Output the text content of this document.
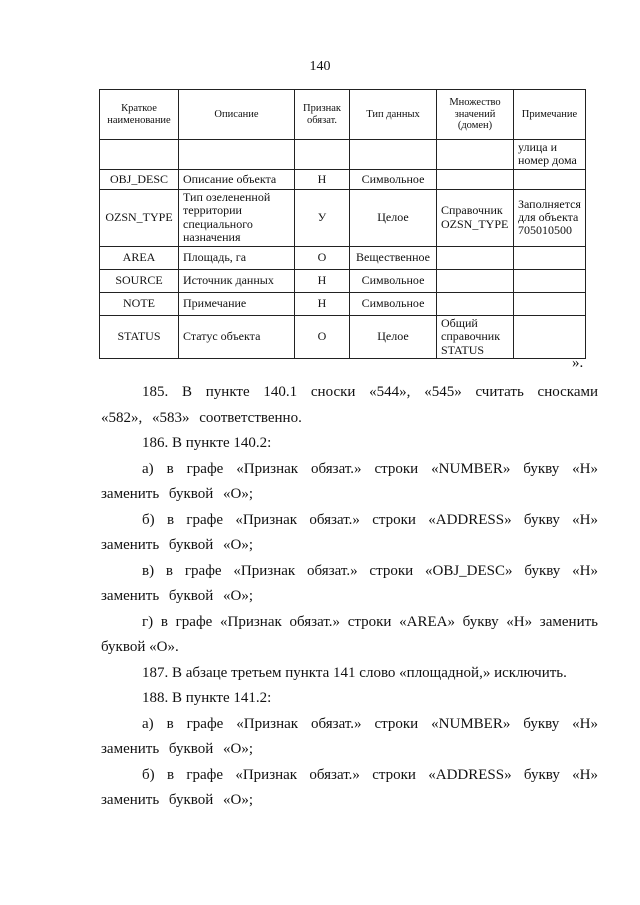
140
Краткое наименование	Описание	Признак обязат.	Тип данных	Множество значений (домен)	Примечание
					улица и номер дома
OBJ_DESC	Описание объекта	Н	Символьное		
OZSN_TYPE	Тип озелененной территории специального назначения	У	Целое	Справочник OZSN_TYPE	Заполняется для объекта 705010500
AREA	Площадь, га	О	Вещественное		
SOURCE	Источник данных	Н	Символьное		
NOTE	Примечание	Н	Символьное		
STATUS	Статус объекта	О	Целое	Общий справочник STATUS	
».

185. В пункте 140.1 сноски «544», «545» считать сносками «582», «583» соответственно.

186. В пункте 140.2:

а) в графе «Признак обязат.» строки «NUMBER» букву «Н» заменить буквой «О»;

б) в графе «Признак обязат.» строки «ADDRESS» букву «Н» заменить буквой «О»;

в) в графе «Признак обязат.» строки «OBJ_DESC» букву «Н» заменить буквой «О»;

г) в графе «Признак обязат.» строки «AREA» букву «Н» заменить буквой «О».

187. В абзаце третьем пункта 141 слово «площадной,» исключить.

188. В пункте 141.2:

а) в графе «Признак обязат.» строки «NUMBER» букву «Н» заменить буквой «О»;

б) в графе «Признак обязат.» строки «ADDRESS» букву «Н» заменить буквой «О»;
